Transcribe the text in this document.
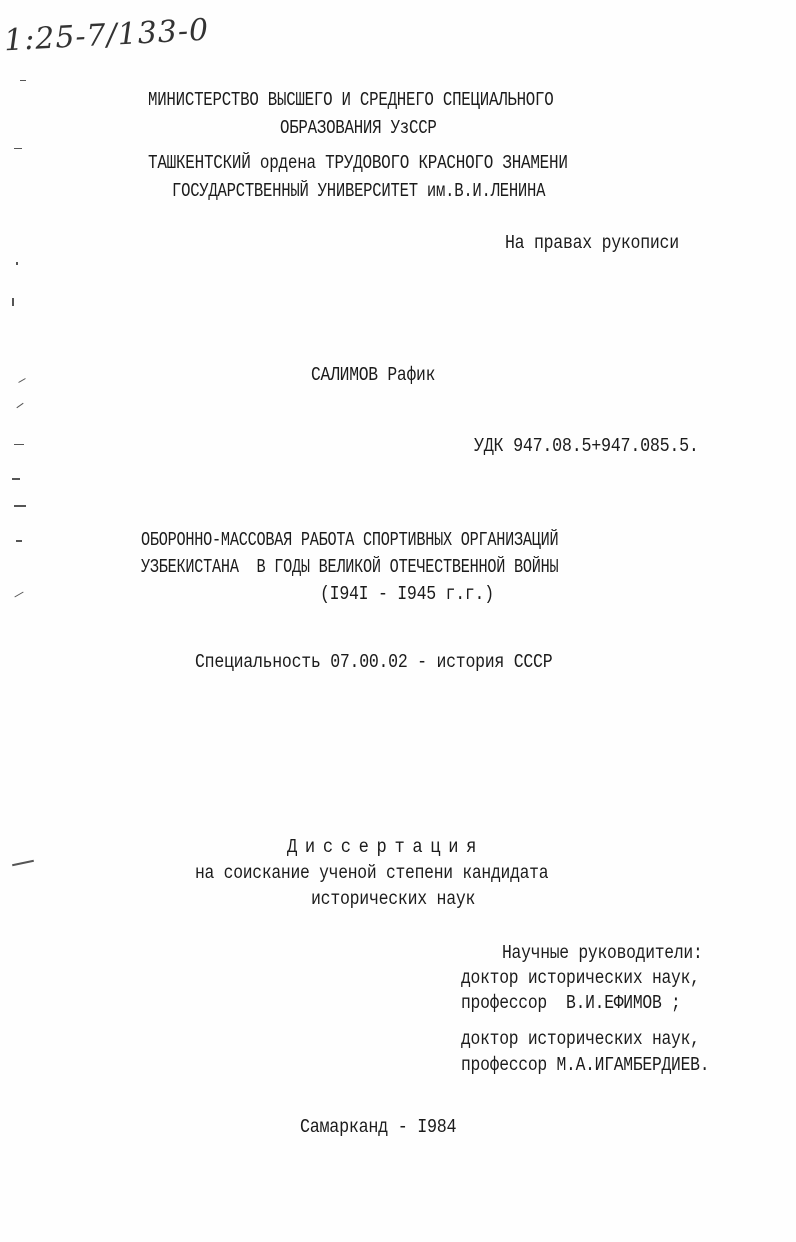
1:25-7/133-0
МИНИСТЕРСТВО ВЫСШЕГО И СРЕДНЕГО СПЕЦИАЛЬНОГО
ОБРАЗОВАНИЯ УзССР
ТАШКЕНТСКИЙ ордена ТРУДОВОГО КРАСНОГО ЗНАМЕНИ
ГОСУДАРСТВЕННЫЙ УНИВЕРСИТЕТ им.В.И.ЛЕНИНА
На правах рукописи
САЛИМОВ Рафик
УДК 947.08.5+947.085.5.
ОБОРОННО-МАССОВАЯ РАБОТА СПОРТИВНЫХ ОРГАНИЗАЦИЙ
УЗБЕКИСТАНА  В ГОДЫ ВЕЛИКОЙ ОТЕЧЕСТВЕННОЙ ВОЙНЫ
(I94I - I945 г.г.)
Специальность 07.00.02 - история СССР
Диссертация
на соискание ученой степени кандидата
исторических наук
Научные руководители:
доктор исторических наук,
профессор  В.И.ЕФИМОВ ;
доктор исторических наук,
профессор М.А.ИГАМБЕРДИЕВ.
Самарканд - I984
